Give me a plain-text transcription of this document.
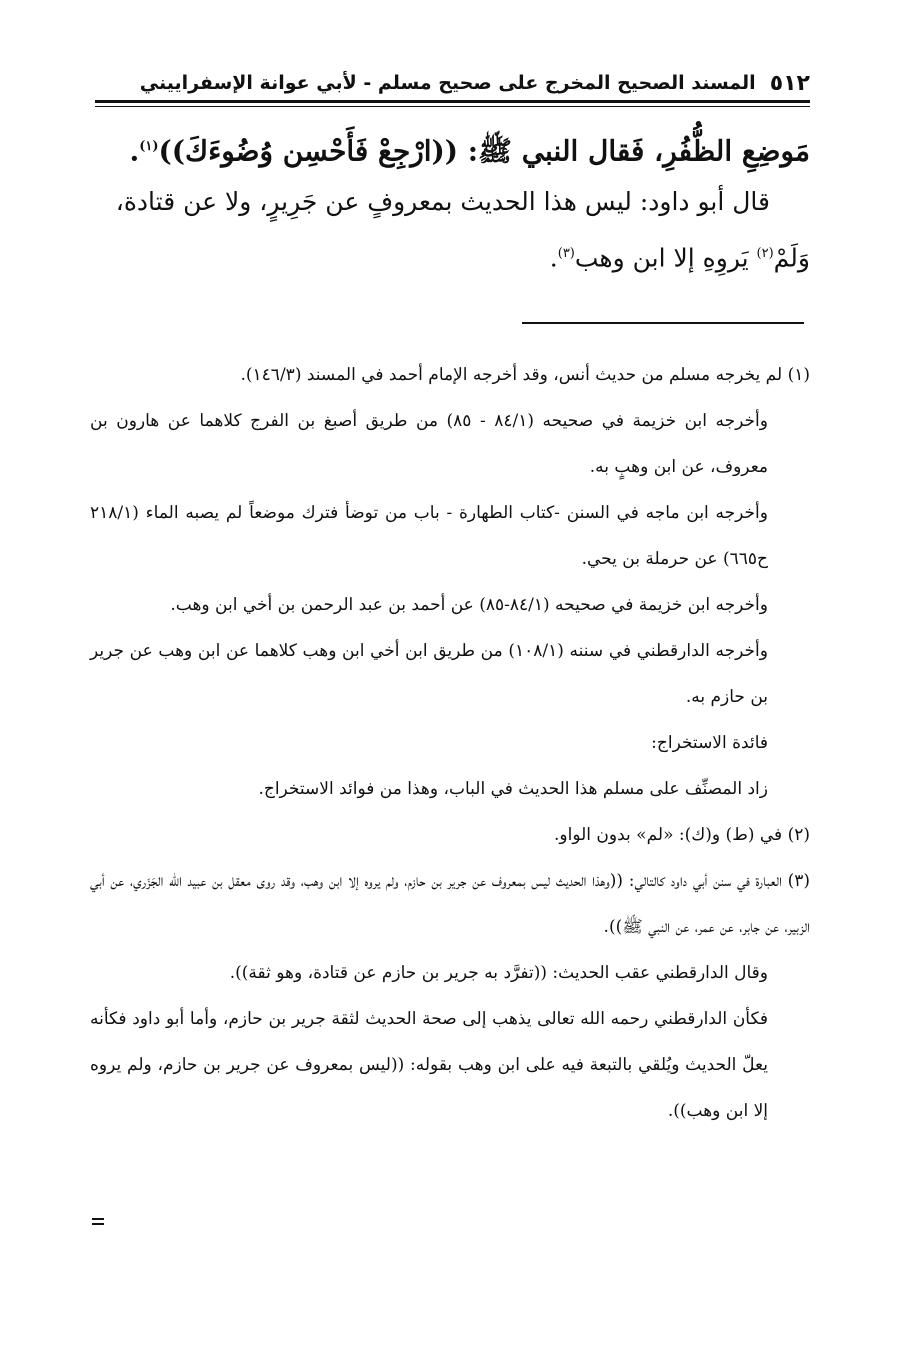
٥١٢
المسند الصحيح المخرج على صحيح مسلم - لأبي عوانة الإسفراييني
مَوضِعِ الظُّفُرِ، فَقال النبي ﷺ: ((ارْجِعْ فَأَحْسِن وُضُوءَكَ))$^{(١)}$.
قال أبو داود: ليس هذا الحديث بمعروفٍ عن جَرِيرٍ، ولا عن قتادة،
وَلَمْ$^{(٢)}$ يَروِهِ إلا ابن وهب$^{(٣)}$.

(١) لم يخرجه مسلم من حديث أنس، وقد أخرجه الإمام أحمد في المسند (١٤٦/٣).

وأخرجه ابن خزيمة في صحيحه (٨٤/١ - ٨٥) من طريق أصبغ بن الفرج كلاهما عن هارون بن معروف، عن ابن وهبٍ به.

وأخرجه ابن ماجه في السنن -كتاب الطهارة - باب من توضأ فترك موضعاً لم يصبه الماء (٢١٨/١ ح٦٦٥) عن حرملة بن يحي.

وأخرجه ابن خزيمة في صحيحه (٨٤/١-٨٥) عن أحمد بن عبد الرحمن بن أخي ابن وهب.

وأخرجه الدارقطني في سننه (١٠٨/١) من طريق ابن أخي ابن وهب كلاهما عن ابن وهب عن جرير بن حازم به.

فائدة الاستخراج:

زاد المصنِّف على مسلم هذا الحديث في الباب، وهذا من فوائد الاستخراج.

(٢) في (ط) و(ك): «لم» بدون الواو.

(٣) العبارة في سنن أبي داود كالتالي: ((وهذا الحديث ليس بمعروف عن جرير بن حازم، ولم يروه إلا ابن وهب، وقد روى معقل بن عبيد الله الجَزَري، عن أبي الزبير، عن جابر، عن عمر، عن النبي ﷺ)).

وقال الدارقطني عقب الحديث: ((تفرَّد به جرير بن حازم عن قتادة، وهو ثقة)).

فكأن الدارقطني رحمه الله تعالى يذهب إلى صحة الحديث لثقة جرير بن حازم، وأما أبو داود فكأنه يعلّ الحديث ويُلقي بالتبعة فيه على ابن وهب بقوله: ((ليس بمعروف عن جرير بن حازم، ولم يروه إلا ابن وهب)).
